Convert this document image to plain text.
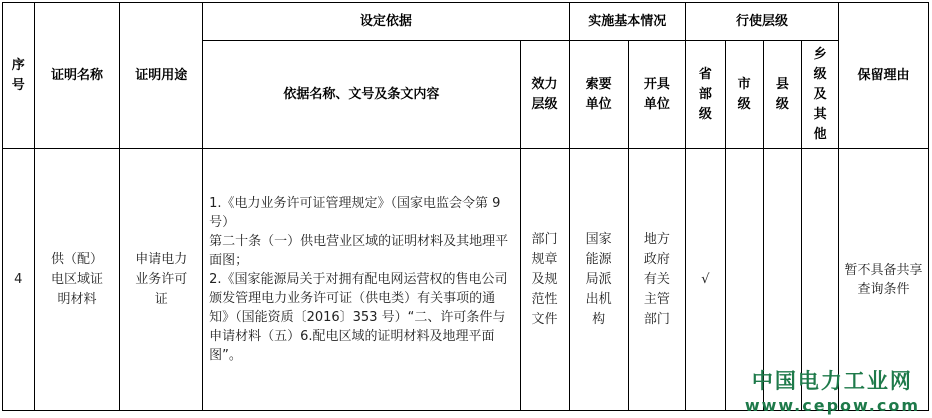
序号	证明名称	证明用途	设定依据		实施基本情况		行使层级				保留理由
			依据名称、文号及条文内容	效力层级	索要单位	开具单位	省部级	市级	县级	乡级及其他	
4	供（配）电区域证明材料	申请电力业务许可证	1.《电力业务许可证管理规定》（国家电监会令第 9 号）
第二十条（一）供电营业区域的证明材料及其地理平面图；
2.《国家能源局关于对拥有配电网运营权的售电公司颁发管理电力业务许可证（供电类）有关事项的通知》（国能资质〔2016〕353 号）“二、许可条件与申请材料（五）6.配电区域的证明材料及地理平面图”。	部门规章及规范性文件	国家能源局派出机构	地方政府有关主管部门	√				暂不具备共享查询条件
中国电力工业网
www.cepow.com
